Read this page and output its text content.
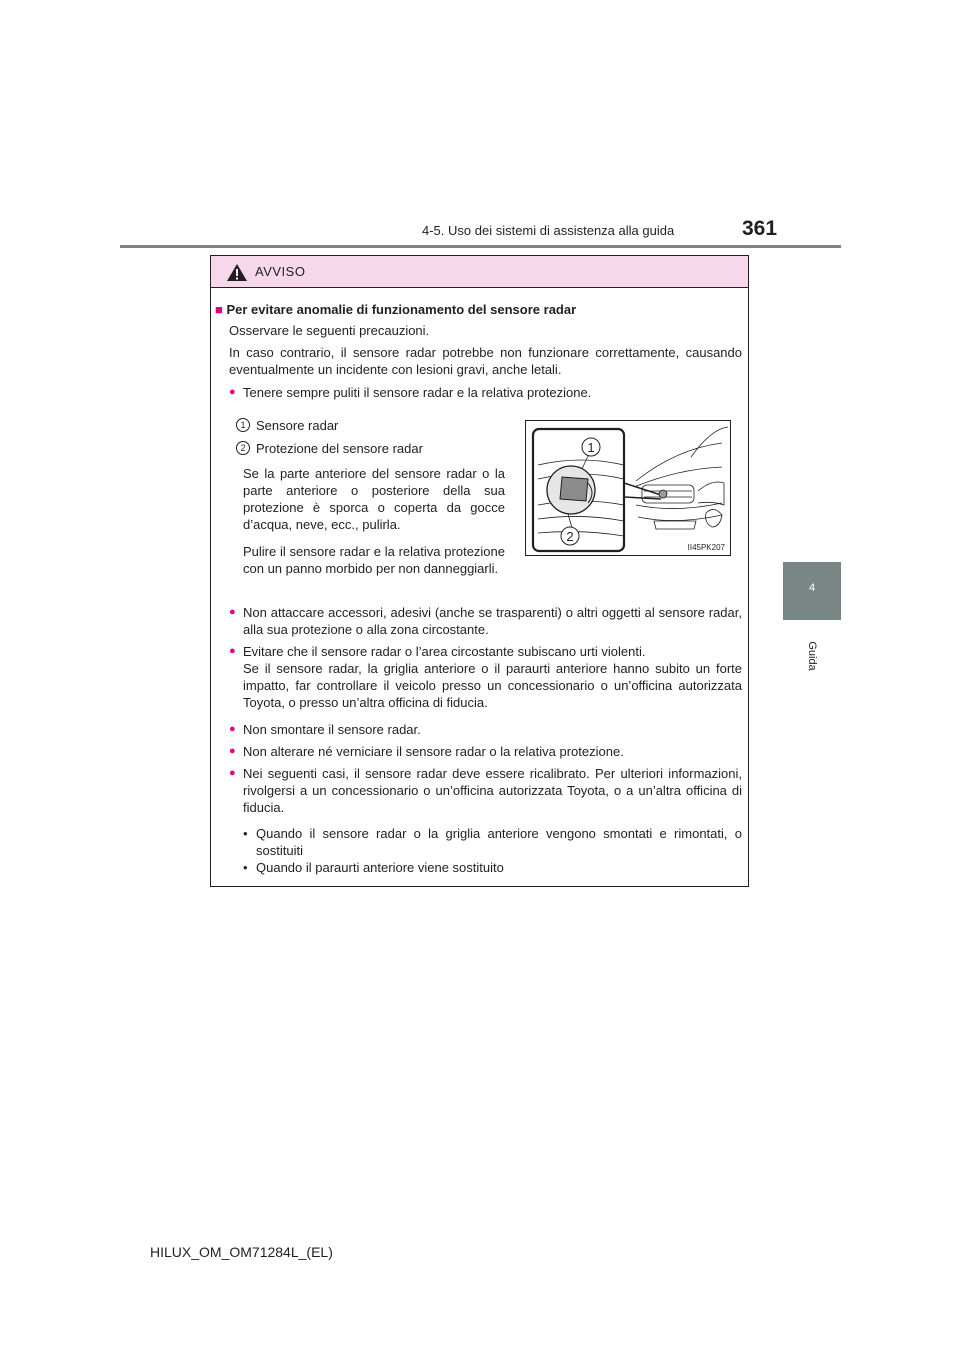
4-5. Uso dei sistemi di assistenza alla guida	361
4
Guida
AVVISO
■ Per evitare anomalie di funzionamento del sensore radar
Osservare le seguenti precauzioni.
In caso contrario, il sensore radar potrebbe non funzionare correttamente, causando eventualmente un incidente con lesioni gravi, anche letali.
● Tenere sempre puliti il sensore radar e la relativa protezione.
1 Sensore radar
2 Protezione del sensore radar
Se la parte anteriore del sensore radar o la parte anteriore o posteriore della sua protezione è sporca o coperta da gocce d’acqua, neve, ecc., pulirla.
Pulire il sensore radar e la relativa protezione con un panno morbido per non danneggiarli.
1
2
II45PK207
● Non attaccare accessori, adesivi (anche se trasparenti) o altri oggetti al sensore radar, alla sua protezione o alla zona circostante.
● Evitare che il sensore radar o l’area circostante subiscano urti violenti.
Se il sensore radar, la griglia anteriore o il paraurti anteriore hanno subito un forte impatto, far controllare il veicolo presso un concessionario o un’officina autorizzata Toyota, o presso un’altra officina di fiducia.
● Non smontare il sensore radar.
● Non alterare né verniciare il sensore radar o la relativa protezione.
● Nei seguenti casi, il sensore radar deve essere ricalibrato. Per ulteriori informazioni, rivolgersi a un concessionario o un’officina autorizzata Toyota, o a un’altra officina di fiducia.
• Quando il sensore radar o la griglia anteriore vengono smontati e rimontati, o sostituiti
• Quando il paraurti anteriore viene sostituito
HILUX_OM_OM71284L_(EL)
